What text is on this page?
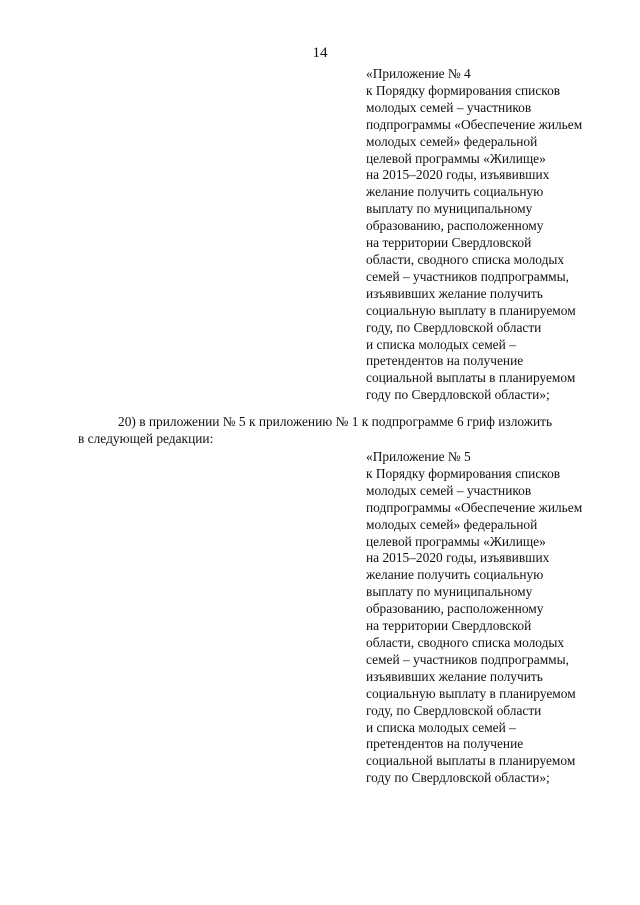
14
«Приложение № 4
к Порядку формирования списков
молодых семей – участников
подпрограммы «Обеспечение жильем
молодых семей» федеральной
целевой программы «Жилище»
на 2015–2020 годы, изъявивших
желание получить социальную
выплату по муниципальному
образованию, расположенному
на территории Свердловской
области, сводного списка молодых
семей – участников подпрограммы,
изъявивших желание получить
социальную выплату в планируемом
году, по Свердловской области
и списка молодых семей –
претендентов на получение
социальной выплаты в планируемом
году по Свердловской области»;
20) в приложении № 5 к приложению № 1 к подпрограмме 6 гриф изложить
в следующей редакции:
«Приложение № 5
к Порядку формирования списков
молодых семей – участников
подпрограммы «Обеспечение жильем
молодых семей» федеральной
целевой программы «Жилище»
на 2015–2020 годы, изъявивших
желание получить социальную
выплату по муниципальному
образованию, расположенному
на территории Свердловской
области, сводного списка молодых
семей – участников подпрограммы,
изъявивших желание получить
социальную выплату в планируемом
году, по Свердловской области
и списка молодых семей –
претендентов на получение
социальной выплаты в планируемом
году по Свердловской области»;
